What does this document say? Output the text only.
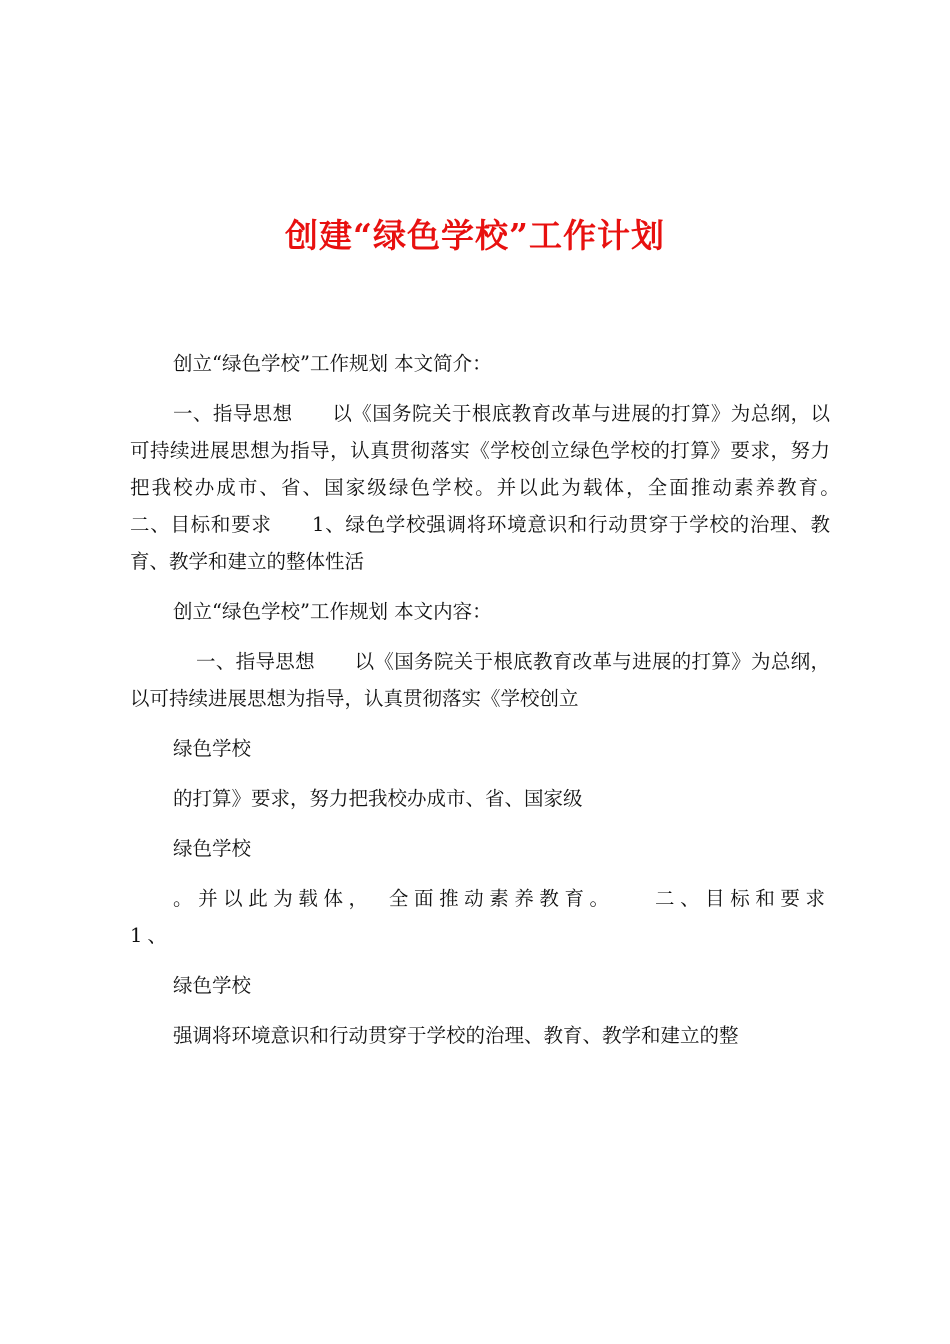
创建“绿色学校”工作计划

创立“绿色学校”工作规划 本文简介：

一、指导思想　　以《国务院关于根底教育改革与进展的打算》为总纲，以可持续进展思想为指导，认真贯彻落实《学校创立绿色学校的打算》要求，努力把我校办成市、省、国家级绿色学校。并以此为载体，全面推动素养教育。　　二、目标和要求　　1、绿色学校强调将环境意识和行动贯穿于学校的治理、教育、教学和建立的整体性活

创立“绿色学校”工作规划 本文内容：

一、指导思想　　以《国务院关于根底教育改革与进展的打算》为总纲，以可持续进展思想为指导，认真贯彻落实《学校创立

绿色学校

的打算》要求，努力把我校办成市、省、国家级

绿色学校

。并以此为载体，　全面推动素养教育。　　二、目标和要求　　1、

绿色学校

强调将环境意识和行动贯穿于学校的治理、教育、教学和建立的整
